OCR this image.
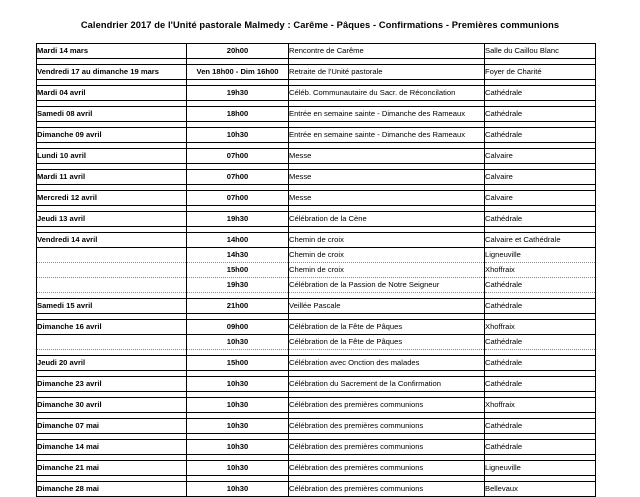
Calendrier 2017 de l'Unité pastorale Malmedy : Carême - Pâques - Confirmations - Premières communions
Mardi 14 mars	20h00	Rencontre de Carême	Salle du Caillou Blanc

Vendredi 17 au dimanche 19 mars	Ven 18h00 - Dim 16h00	Retraite de l'Unité pastorale	Foyer de Charité

Mardi 04 avril	19h30	Céléb. Communautaire du Sacr. de Réconcilation	Cathédrale

Samedi 08 avril	18h00	Entrée en semaine sainte - Dimanche des Rameaux	Cathédrale

Dimanche 09 avril	10h30	Entrée en semaine sainte - Dimanche des Rameaux	Cathédrale

Lundi 10 avril	07h00	Messe	Calvaire

Mardi 11 avril	07h00	Messe	Calvaire

Mercredi 12 avril	07h00	Messe	Calvaire

Jeudi 13 avril	19h30	Célébration de la Cène	Cathédrale

Vendredi 14 avril	14h00	Chemin de croix	Calvaire et Cathédrale
	14h30	Chemin de croix	Ligneuville
	15h00	Chemin de croix	Xhoffraix
	19h30	Célébration de la Passion de Notre Seigneur	Cathédrale

Samedi 15 avril	21h00	Veillée Pascale	Cathédrale

Dimanche 16 avril	09h00	Célébration de la Fête de Pâques	Xhoffraix
	10h30	Célébration de la Fête de Pâques	Cathédrale

Jeudi 20 avril	15h00	Célébration avec Onction des malades	Cathédrale

Dimanche 23 avril	10h30	Célébration du Sacrement de la Confirmation	Cathédrale

Dimanche 30 avril	10h30	Célébration des premières communions	Xhoffraix

Dimanche 07 mai	10h30	Célébration des premières communions	Cathédrale

Dimanche 14 mai	10h30	Célébration des premières communions	Cathédrale

Dimanche 21 mai	10h30	Célébration des premières communions	Ligneuville

Dimanche 28 mai	10h30	Célébration des premières communions	Bellevaux
